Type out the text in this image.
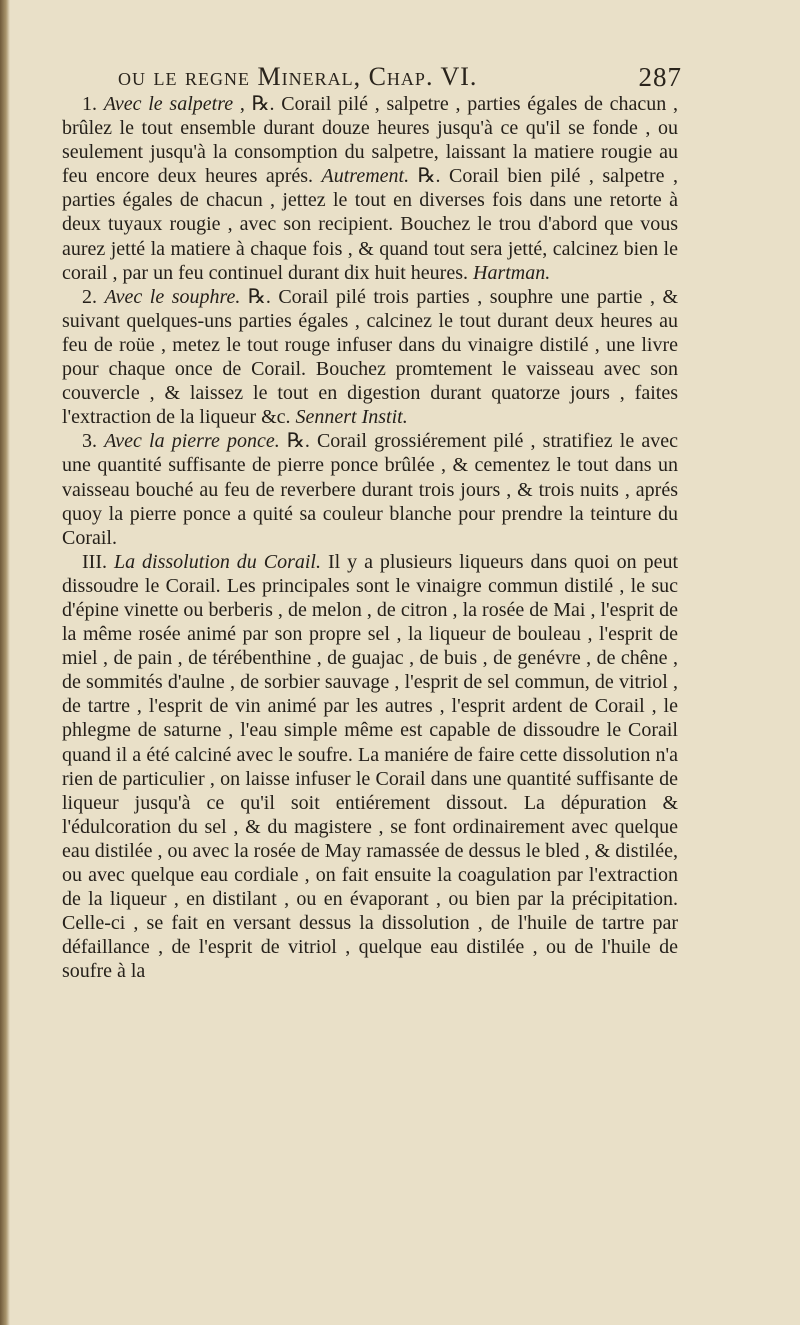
ou le regne Mineral, Chap. VI.	287

1. Avec le salpetre , ℞. Corail pilé , salpetre , parties égales de chacun , brûlez le tout ensemble durant douze heures jusqu'à ce qu'il se fonde , ou seulement jusqu'à la consomption du salpetre, laissant la matiere rougie au feu encore deux heures aprés. Autrement. ℞. Corail bien pilé , salpetre , parties égales de chacun , jettez le tout en diverses fois dans une retorte à deux tuyaux rougie , avec son recipient. Bouchez le trou d'abord que vous aurez jetté la matiere à chaque fois , & quand tout sera jetté, calcinez bien le corail , par un feu continuel durant dix huit heures. Hartman.

2. Avec le souphre. ℞. Corail pilé trois parties , souphre une partie , & suivant quelques-uns parties égales , calcinez le tout durant deux heures au feu de roüe , metez le tout rouge infuser dans du vinaigre distilé , une livre pour chaque once de Corail. Bouchez promtement le vaisseau avec son couvercle , & laissez le tout en digestion durant quatorze jours , faites l'extraction de la liqueur &c. Sennert Instit.

3. Avec la pierre ponce. ℞. Corail grossiérement pilé , stratifiez le avec une quantité suffisante de pierre ponce brûlée , & cementez le tout dans un vaisseau bouché au feu de reverbere durant trois jours , & trois nuits , aprés quoy la pierre ponce a quité sa couleur blanche pour prendre la teinture du Corail.

III. La dissolution du Corail. Il y a plusieurs liqueurs dans quoi on peut dissoudre le Corail. Les principales sont le vinaigre commun distilé , le suc d'épine vinette ou berberis , de melon , de citron , la rosée de Mai , l'esprit de la même rosée animé par son propre sel , la liqueur de bouleau , l'esprit de miel , de pain , de térébenthine , de guajac , de buis , de genévre , de chêne , de sommités d'aulne , de sorbier sauvage , l'esprit de sel commun, de vitriol , de tartre , l'esprit de vin animé par les autres , l'esprit ardent de Corail , le phlegme de saturne , l'eau simple même est capable de dissoudre le Corail quand il a été calciné avec le soufre. La maniére de faire cette dissolution n'a rien de particulier , on laisse infuser le Corail dans une quantité suffisante de liqueur jusqu'à ce qu'il soit entiérement dissout. La dépuration & l'édulcoration du sel , & du magistere , se font ordinairement avec quelque eau distilée , ou avec la rosée de May ramassée de dessus le bled , & distilée, ou avec quelque eau cordiale , on fait ensuite la coagulation par l'extraction de la liqueur , en distilant , ou en évaporant , ou bien par la précipitation. Celle-ci , se fait en versant dessus la dissolution , de l'huile de tartre par défaillance , de l'esprit de vitriol , quelque eau distilée , ou de l'huile de soufre à la
